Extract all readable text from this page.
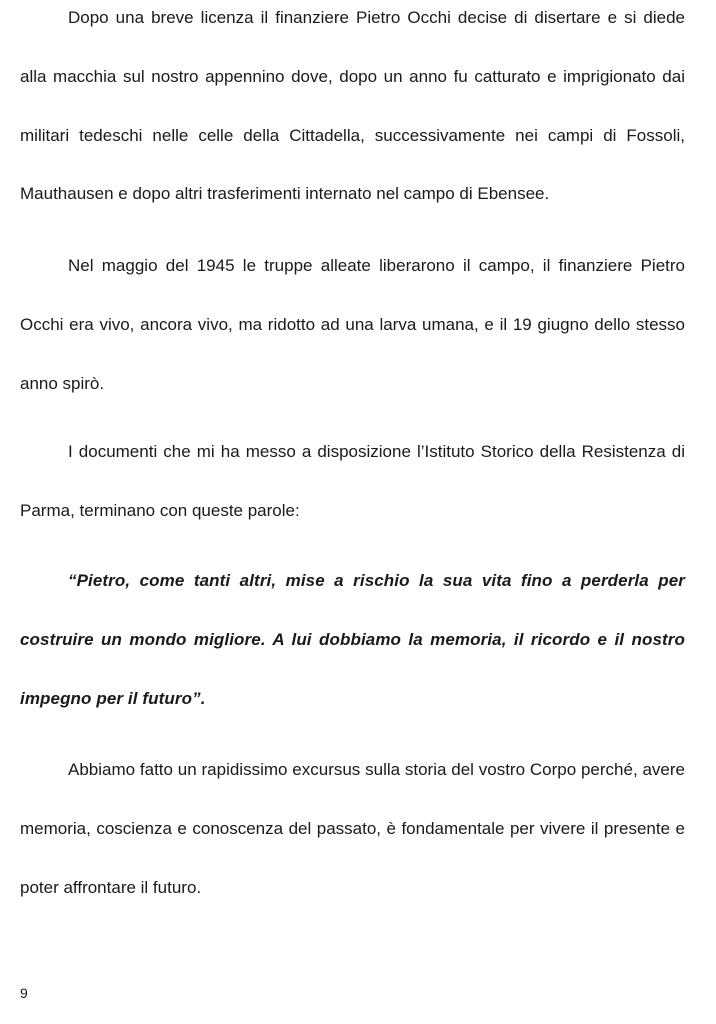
Dopo una breve licenza il finanziere Pietro Occhi decise di disertare e si diede alla macchia sul nostro appennino dove, dopo un anno fu catturato e imprigionato dai militari tedeschi nelle celle della Cittadella, successivamente nei campi di Fossoli, Mauthausen e dopo altri trasferimenti internato nel campo di Ebensee.

Nel maggio del 1945 le truppe alleate liberarono il campo, il finanziere Pietro Occhi era vivo, ancora vivo, ma ridotto ad una larva umana, e il 19 giugno dello stesso anno spirò.

I documenti che mi ha messo a disposizione l’Istituto Storico della Resistenza di Parma, terminano con queste parole:

“Pietro, come tanti altri, mise a rischio la sua vita fino a perderla per costruire un mondo migliore. A lui dobbiamo la memoria, il ricordo e il nostro impegno per il futuro”.

Abbiamo fatto un rapidissimo excursus sulla storia del vostro Corpo perché, avere memoria, coscienza e conoscenza del passato, è fondamentale per vivere il presente e poter affrontare il futuro.

9
